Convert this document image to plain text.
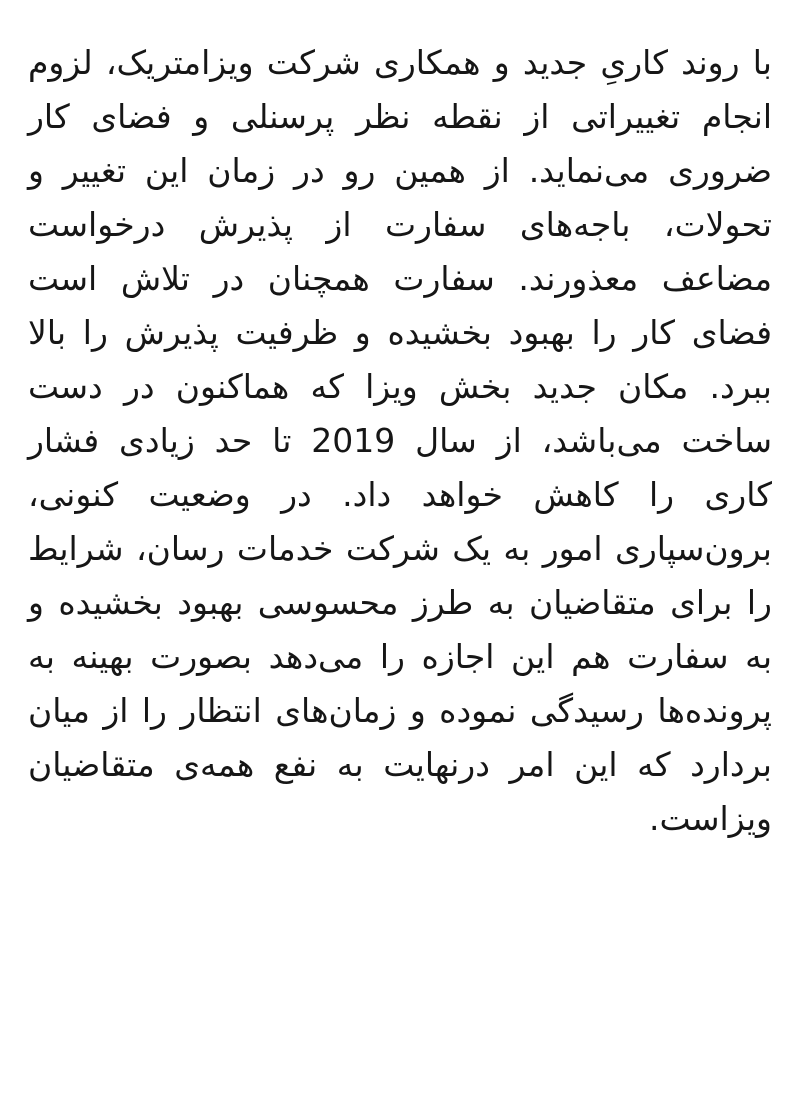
با روند کاریِ جدید و همکاری شرکت ویزامتریک، لزوم
انجام تغییراتی از نقطه نظر پرسنلی و فضای کار
ضروری می‌نماید. از همین رو در زمان این تغییر و
تحولات، باجه‌های سفارت از پذیرش درخواست
مضاعف معذورند. سفارت همچنان در تلاش است
فضای کار را بهبود بخشیده و ظرفیت پذیرش را بالا
ببرد. مکان جدید بخش ویزا که هماکنون در دست
ساخت می‌باشد، از سال 2019 تا حد زیادی فشار
کاری را کاهش خواهد داد. در وضعیت کنونی،
برون‌سپاری امور به یک شرکت خدمات رسان، شرایط
را برای متقاضیان به طرز محسوسی بهبود بخشیده و
به سفارت هم این اجازه را می‌دهد بصورت بهینه به
پرونده‌ها رسیدگی نموده و زمان‌های انتظار را از میان
بردارد که این امر درنهایت به نفع همه‌ی متقاضیان
ویزاست.
